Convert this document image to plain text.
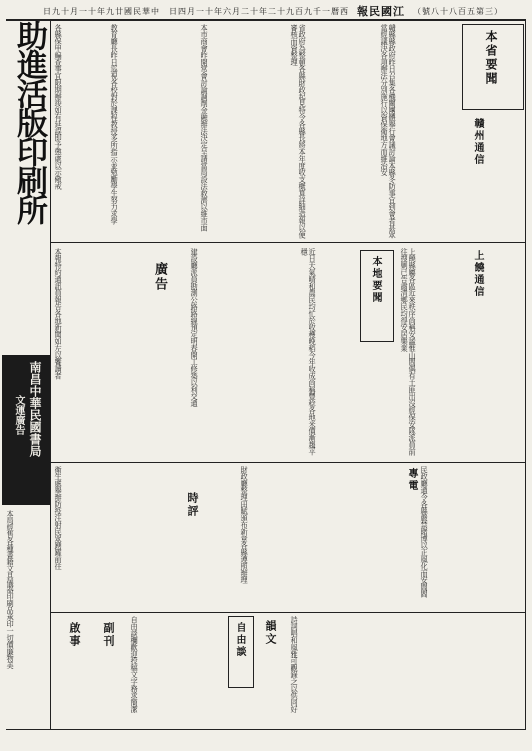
日九十月一十年九廿國民華中　日四月一十年六月二十年二十九百九千一曆西 報民國江 （號八十八百五第三）
助進活版印刷所
南昌中華民國書局
文運廣告
本局經售各種書籍文具儀器印刷品承印一切價廉物美
本省要聞
贛州通信
贛縣縣政府昨日召集各機關團體舉行會議討論本縣冬防事宜到會者甚眾當經議決各項辦法分別施行以資保衛地方而維治安
省政府為整頓各縣財政起見特令各縣長將本年度收支概算詳細造報以便審核而資整理
本市商會昨開常會討論調劑金融辦法決定呈請當局設法救濟以維市面
教育廳長昨日巡視各校對於課程教授多所指示並勉勵學生努力求學
各縣保甲編查事宜限期辦竣如有延誤即予懲處以示儆戒
上饒通信
上饒縣屬各區近來秩序尚稱安謐惟山間偶有土匪出沒經保安隊派員前往搜剿已告肅清鄉民均得安居樂業
本地要聞
近日天氣晴和農民均忙於收穫晚稻今年收成尚稱豐稔各地米價漸趨平穩
建設廳派員勘測公路路線預定明春開工修築以利交通
廣告
本報特約通訊員報告各地新聞如左以饗讀者
專電 民政廳通令各縣嚴禁賭博以正風化而安閭閻
財政廳整理田賦頒布新章各縣遵照辦理
時評
衛生處舉辦防疫注射民眾踴躍前往
詩詞唱和風雅可觀錄之以供同好
韻文
自由談
自由談欄歡迎投稿文字務求簡潔
副刊
啟事
